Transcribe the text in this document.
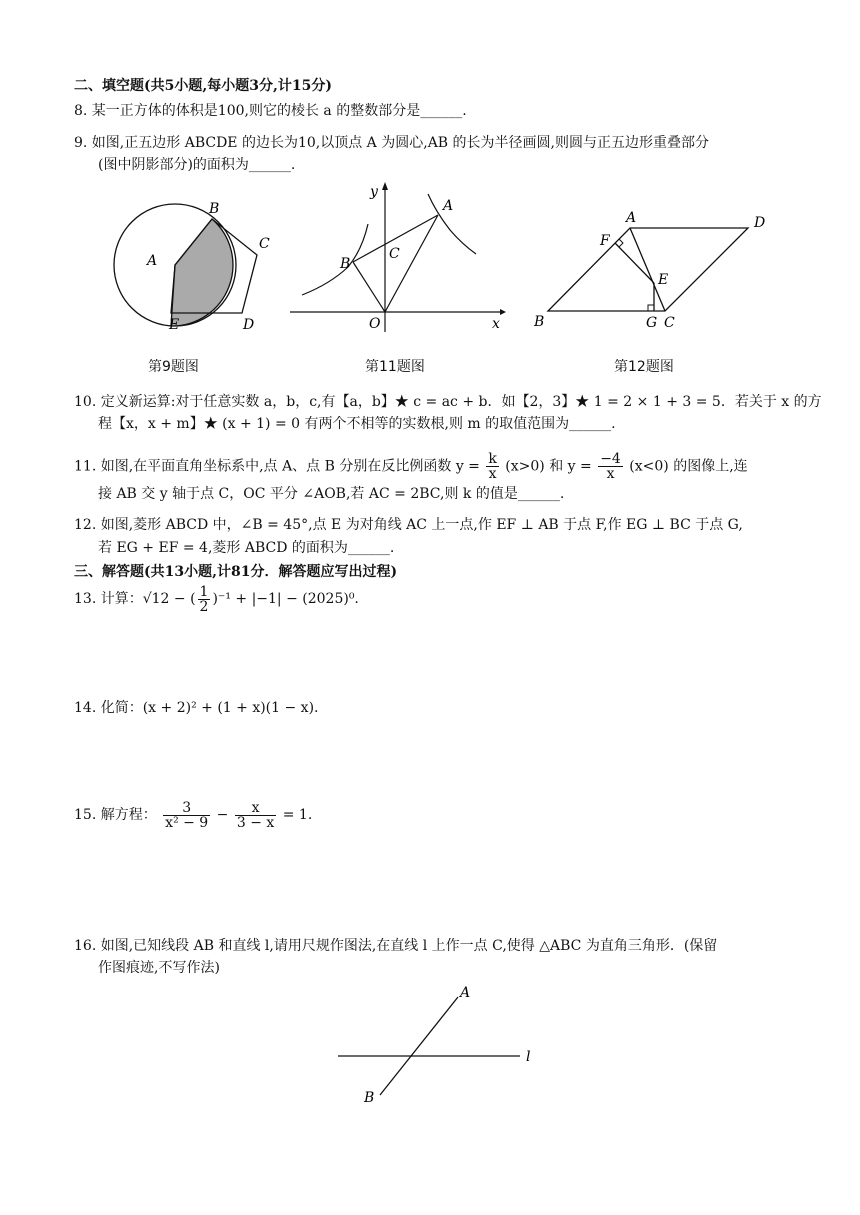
二、填空题(共5小题,每小题3分,计15分)
8. 某一正方体的体积是100,则它的棱长 a 的整数部分是______.
9. 如图,正五边形 ABCDE 的边长为10,以顶点 A 为圆心,AB 的长为半径画圆,则圆与正五边形重叠部分
(图中阴影部分)的面积为______.
A
B
C
D
E
第9题图
y
A
B
C
O	x
第11题图
A	D
F
E
B	G C
第12题图
10. 定义新运算:对于任意实数 a，b，c,有【a，b】★ c = ac + b．如【2，3】★ 1 = 2 × 1 + 3 = 5．若关于 x 的方
程【x，x + m】★ (x + 1) = 0 有两个不相等的实数根,则 m 的取值范围为______.
11. 如图,在平面直角坐标系中,点 A、点 B 分别在反比例函数 $y = \frac{k}{x} (x>0)$ 和 $y = \frac{-4}{x} (x<0)$ 的图像上,连
接 AB 交 y 轴于点 C，OC 平分 ∠AOB,若 AC = 2BC,则 k 的值是______.
12. 如图,菱形 ABCD 中，∠B = 45°,点 E 为对角线 AC 上一点,作 EF ⊥ AB 于点 F,作 EG ⊥ BC 于点 G,
若 EG + EF = 4,菱形 ABCD 的面积为______.
三、解答题(共13小题,计81分．解答题应写出过程)
13. 计算：√12 − ( $\frac{1}{2} )^{-1} + |-1| - (2025)^0$.
14. 化简：(x + 2)² + (1 + x)(1 − x).
15. 解方程： $\frac{3}{\text{x² − 9}} - \frac{x}{3 - x} = 1$.
16. 如图,已知线段 AB 和直线 l,请用尺规作图法,在直线 l 上作一点 C,使得 △ABC 为直角三角形．(保留
作图痕迹,不写作法)
A
B
l
